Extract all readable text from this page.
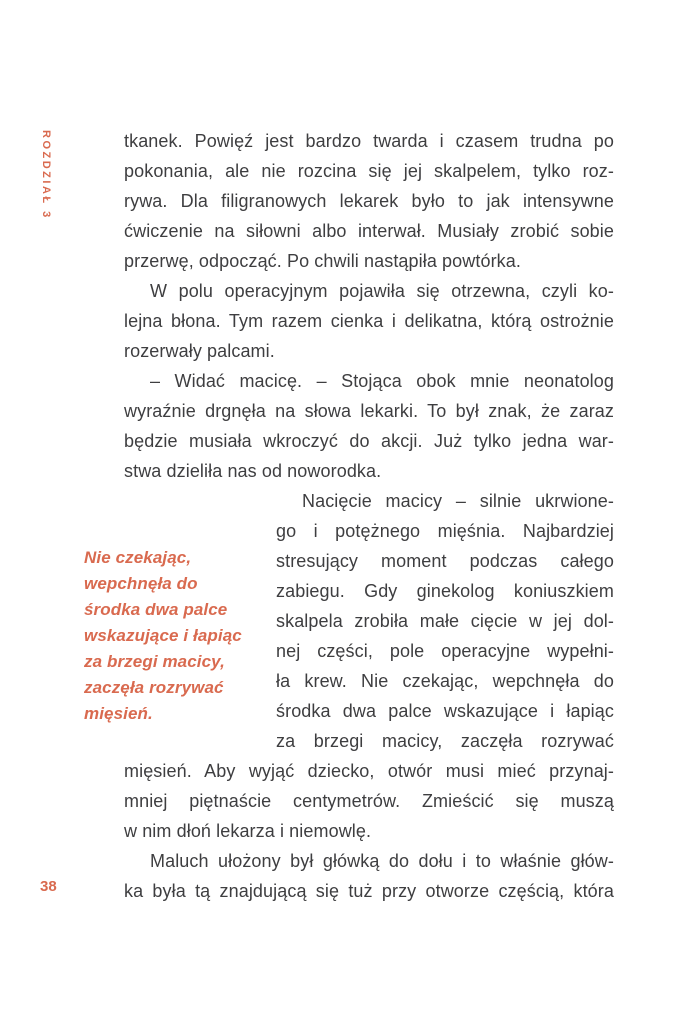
ROZDZIAŁ 3
Nie czekając,
wepchnęła do
środka dwa palce
wskazujące i łapiąc
za brzegi macicy,
zaczęła rozrywać
mięsień.
tkanek. Powięź jest bardzo twarda i czasem trudna po
pokonania, ale nie rozcina się jej skalpelem, tylko roz-
rywa. Dla filigranowych lekarek było to jak intensywne
ćwiczenie na siłowni albo interwał. Musiały zrobić sobie
przerwę, odpocząć. Po chwili nastąpiła powtórka.
W polu operacyjnym pojawiła się otrzewna, czyli ko-
lejna błona. Tym razem cienka i delikatna, którą ostrożnie
rozerwały palcami.
– Widać macicę. – Stojąca obok mnie neonatolog
wyraźnie drgnęła na słowa lekarki. To był znak, że zaraz
będzie musiała wkroczyć do akcji. Już tylko jedna war-
stwa dzieliła nas od noworodka.
Nacięcie macicy – silnie ukrwione-
go i potężnego mięśnia. Najbardziej
stresujący moment podczas całego
zabiegu. Gdy ginekolog koniuszkiem
skalpela zrobiła małe cięcie w jej dol-
nej części, pole operacyjne wypełni-
ła krew. Nie czekając, wepchnęła do
środka dwa palce wskazujące i łapiąc
za brzegi macicy, zaczęła rozrywać
mięsień. Aby wyjąć dziecko, otwór musi mieć przynaj-
mniej piętnaście centymetrów. Zmieścić się muszą
w nim dłoń lekarza i niemowlę.
Maluch ułożony był główką do dołu i to właśnie głów-
ka była tą znajdującą się tuż przy otworze częścią, która
38
